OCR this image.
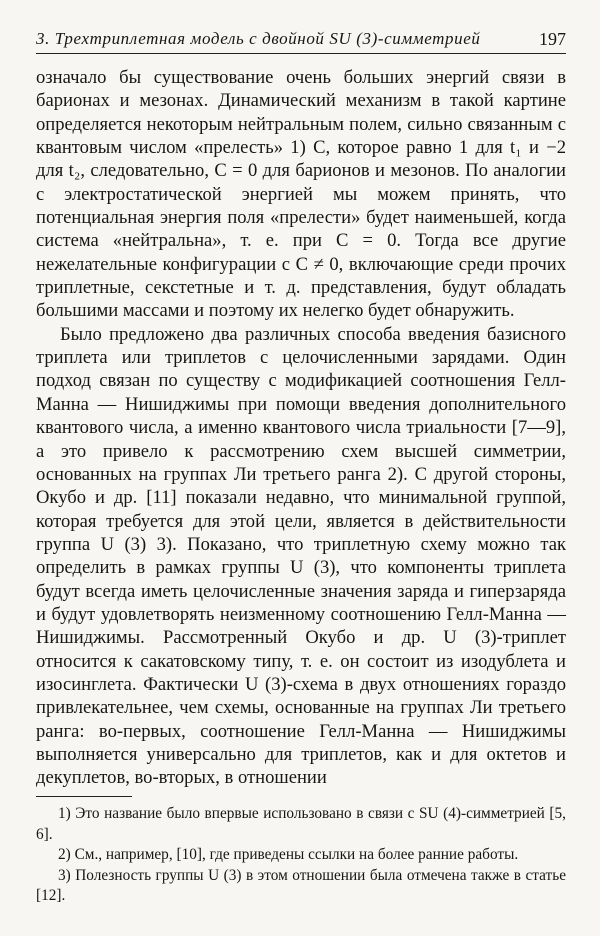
3. Трехтриплетная модель с двойной SU (3)-симметрией	197

означало бы существование очень больших энергий связи в барионах и мезонах. Динамический механизм в такой картине определяется некоторым нейтральным полем, сильно связанным с квантовым числом «прелесть» 1) С, которое равно 1 для t₁ и −2 для t₂, следовательно, С = 0 для барионов и мезонов. По аналогии с электростатической энергией мы можем принять, что потенциальная энергия поля «прелести» будет наименьшей, когда система «нейтральна», т. е. при С = 0. Тогда все другие нежелательные конфигурации с С ≠ 0, включающие среди прочих триплетные, секстетные и т. д. представления, будут обладать большими массами и поэтому их нелегко будет обнаружить.

Было предложено два различных способа введения базисного триплета или триплетов с целочисленными зарядами. Один подход связан по существу с модификацией соотношения Гелл-Манна — Нишиджимы при помощи введения дополнительного квантового числа, а именно квантового числа триальности [7—9], а это привело к рассмотрению схем высшей симметрии, основанных на группах Ли третьего ранга 2). С другой стороны, Окубо и др. [11] показали недавно, что минимальной группой, которая требуется для этой цели, является в действительности группа U (3) 3). Показано, что триплетную схему можно так определить в рамках группы U (3), что компоненты триплета будут всегда иметь целочисленные значения заряда и гиперзаряда и будут удовлетворять неизменному соотношению Гелл-Манна — Нишиджимы. Рассмотренный Окубо и др. U (3)-триплет относится к сакатовскому типу, т. е. он состоит из изодублета и изосинглета. Фактически U (3)-схема в двух отношениях гораздо привлекательнее, чем схемы, основанные на группах Ли третьего ранга: во-первых, соотношение Гелл-Манна — Нишиджимы выполняется универсально для триплетов, как и для октетов и декуплетов, во-вторых, в отношении

1) Это название было впервые использовано в связи с SU (4)-симметрией [5, 6].

2) См., например, [10], где приведены ссылки на более ранние работы.

3) Полезность группы U (3) в этом отношении была отмечена также в статье [12].
